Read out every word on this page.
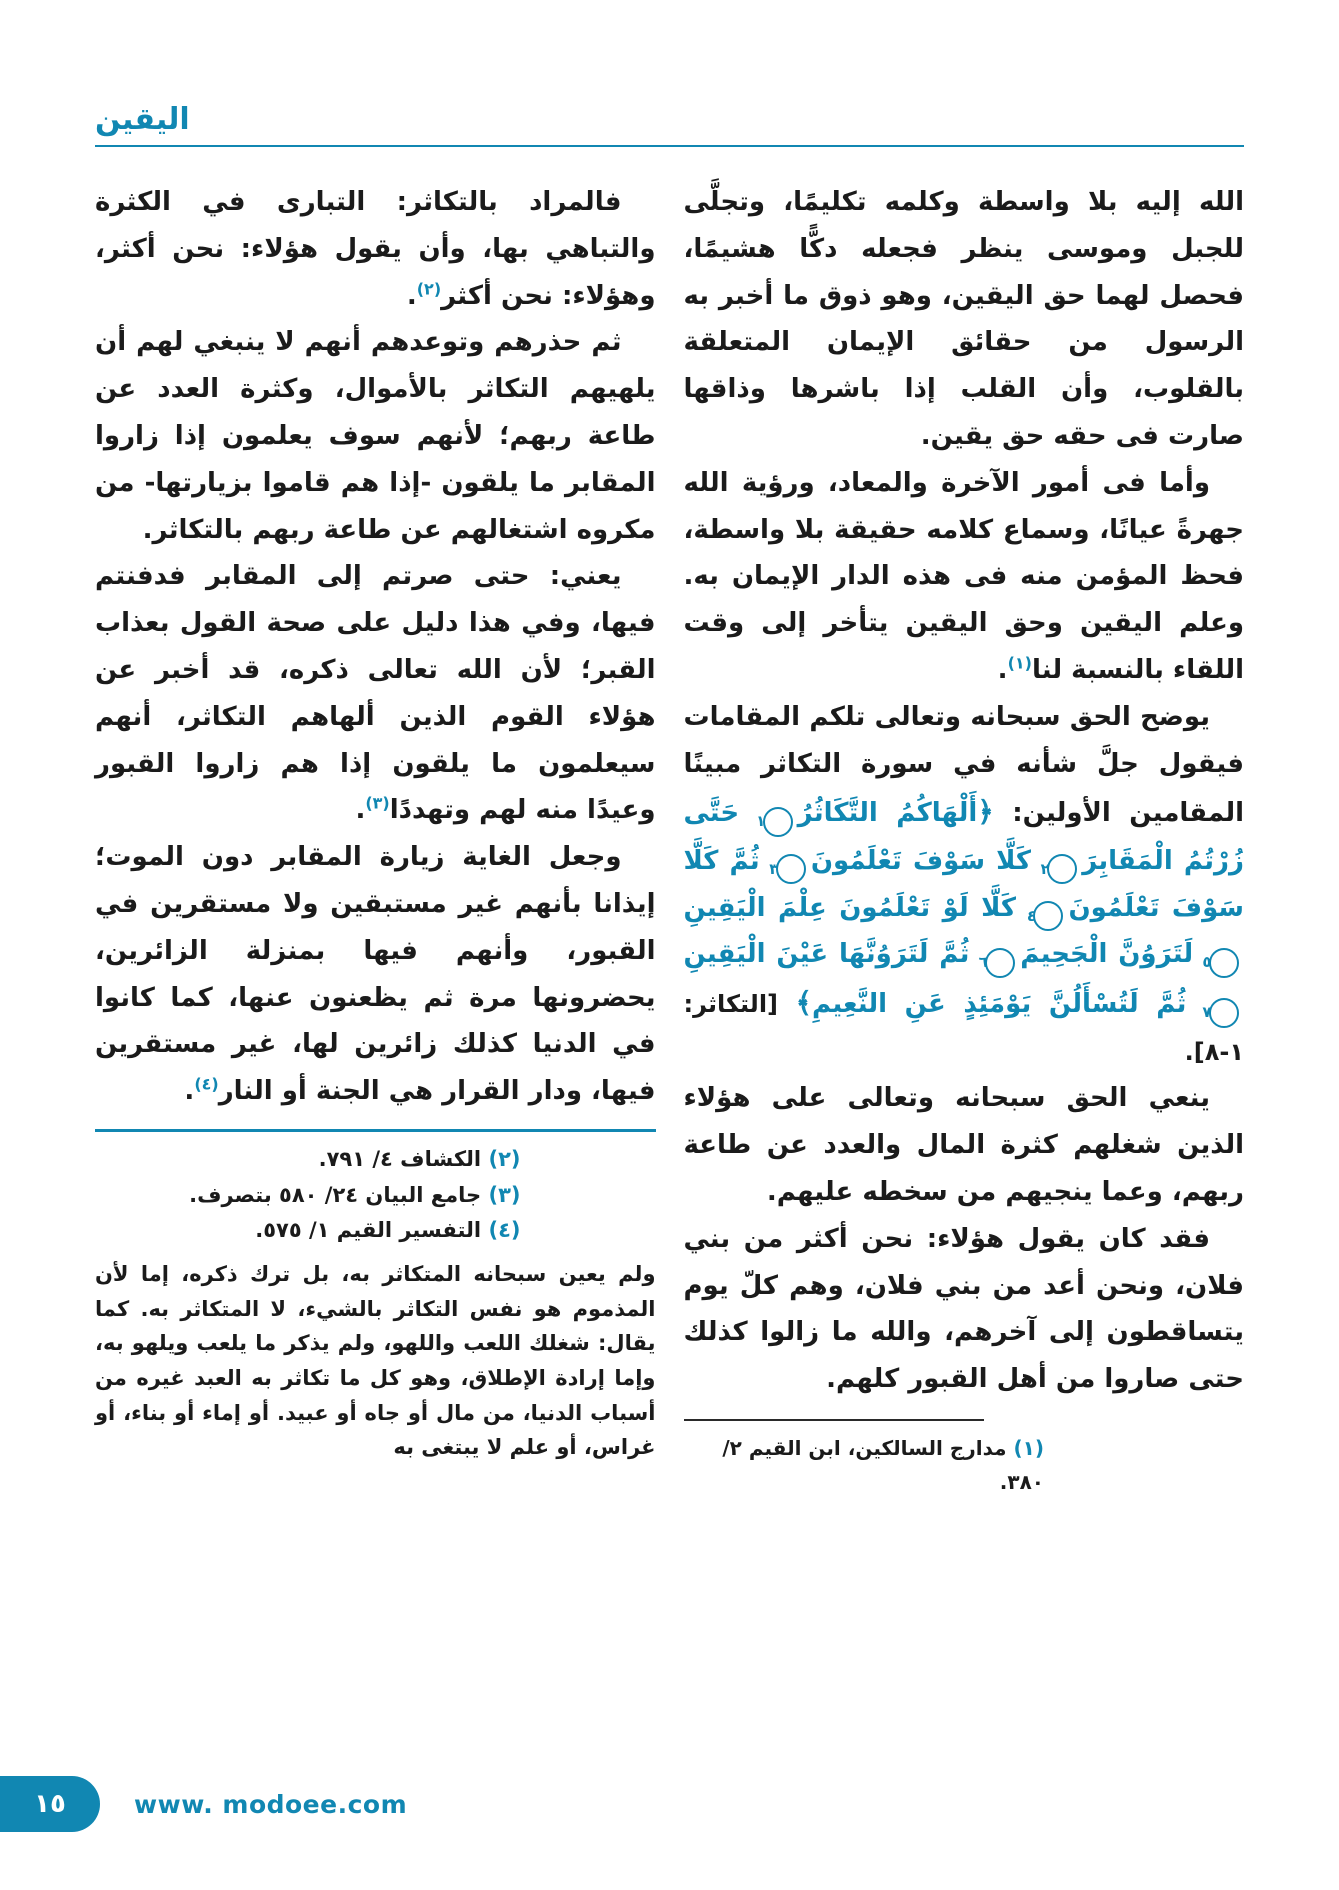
اليقين

الله إليه بلا واسطة وكلمه تكليمًا، وتجلَّى للجبل وموسى ينظر فجعله دكًّا هشيمًا، فحصل لهما حق اليقين، وهو ذوق ما أخبر به الرسول من حقائق الإيمان المتعلقة بالقلوب، وأن القلب إذا باشرها وذاقها صارت فى حقه حق يقين.

وأما فى أمور الآخرة والمعاد، ورؤية الله جهرةً عيانًا، وسماع كلامه حقيقة بلا واسطة، فحظ المؤمن منه فى هذه الدار الإيمان به. وعلم اليقين وحق اليقين يتأخر إلى وقت اللقاء بالنسبة لنا$^{(١)}$.

يوضح الحق سبحانه وتعالى تلكم المقامات فيقول جلَّ شأنه في سورة التكاثر مبينًا المقامين الأولين: ﴿أَلْهَاكُمُ التَّكَاثُرُ١ حَتَّى زُرْتُمُ الْمَقَابِرَ٢ كَلَّا سَوْفَ تَعْلَمُونَ٣ ثُمَّ كَلَّا سَوْفَ تَعْلَمُونَ٤ كَلَّا لَوْ تَعْلَمُونَ عِلْمَ الْيَقِينِ٥ لَتَرَوُنَّ الْجَحِيمَ٦ ثُمَّ لَتَرَوُنَّهَا عَيْنَ الْيَقِينِ٧ ثُمَّ لَتُسْأَلُنَّ يَوْمَئِذٍ عَنِ النَّعِيمِ﴾ [التكاثر: ١-٨].

ينعي الحق سبحانه وتعالى على هؤلاء الذين شغلهم كثرة المال والعدد عن طاعة ربهم، وعما ينجيهم من سخطه عليهم.

فقد كان يقول هؤلاء: نحن أكثر من بني فلان، ونحن أعد من بني فلان، وهم كلّ يوم يتساقطون إلى آخرهم، والله ما زالوا كذلك حتى صاروا من أهل القبور كلهم.

(١) مدارج السالكين، ابن القيم ٢/ ٣٨٠.

فالمراد بالتكاثر: التبارى في الكثرة والتباهي بها، وأن يقول هؤلاء: نحن أكثر، وهؤلاء: نحن أكثر$^{(٢)}$.

ثم حذرهم وتوعدهم أنهم لا ينبغي لهم أن يلهيهم التكاثر بالأموال، وكثرة العدد عن طاعة ربهم؛ لأنهم سوف يعلمون إذا زاروا المقابر ما يلقون -إذا هم قاموا بزيارتها- من مكروه اشتغالهم عن طاعة ربهم بالتكاثر.

يعني: حتى صرتم إلى المقابر فدفنتم فيها، وفي هذا دليل على صحة القول بعذاب القبر؛ لأن الله تعالى ذكره، قد أخبر عن هؤلاء القوم الذين ألهاهم التكاثر، أنهم سيعلمون ما يلقون إذا هم زاروا القبور وعيدًا منه لهم وتهددًا$^{(٣)}$.

وجعل الغاية زيارة المقابر دون الموت؛ إيذانا بأنهم غير مستبقين ولا مستقرين في القبور، وأنهم فيها بمنزلة الزائرين، يحضرونها مرة ثم يظعنون عنها، كما كانوا في الدنيا كذلك زائرين لها، غير مستقرين فيها، ودار القرار هي الجنة أو النار$^{(٤)}$.

(٢) الكشاف ٤/ ٧٩١.
(٣) جامع البيان ٢٤/ ٥٨٠ بتصرف.
(٤) التفسير القيم ١/ ٥٧٥.
ولم يعين سبحانه المتكاثر به، بل ترك ذكره، إما لأن المذموم هو نفس التكاثر بالشيء، لا المتكاثر به. كما يقال: شغلك اللعب واللهو، ولم يذكر ما يلعب ويلهو به، وإما إرادة الإطلاق، وهو كل ما تكاثر به العبد غيره من أسباب الدنيا، من مال أو جاه أو عبيد. أو إماء أو بناء، أو غراس، أو علم لا يبتغى به
١٥	www. modoee.com
